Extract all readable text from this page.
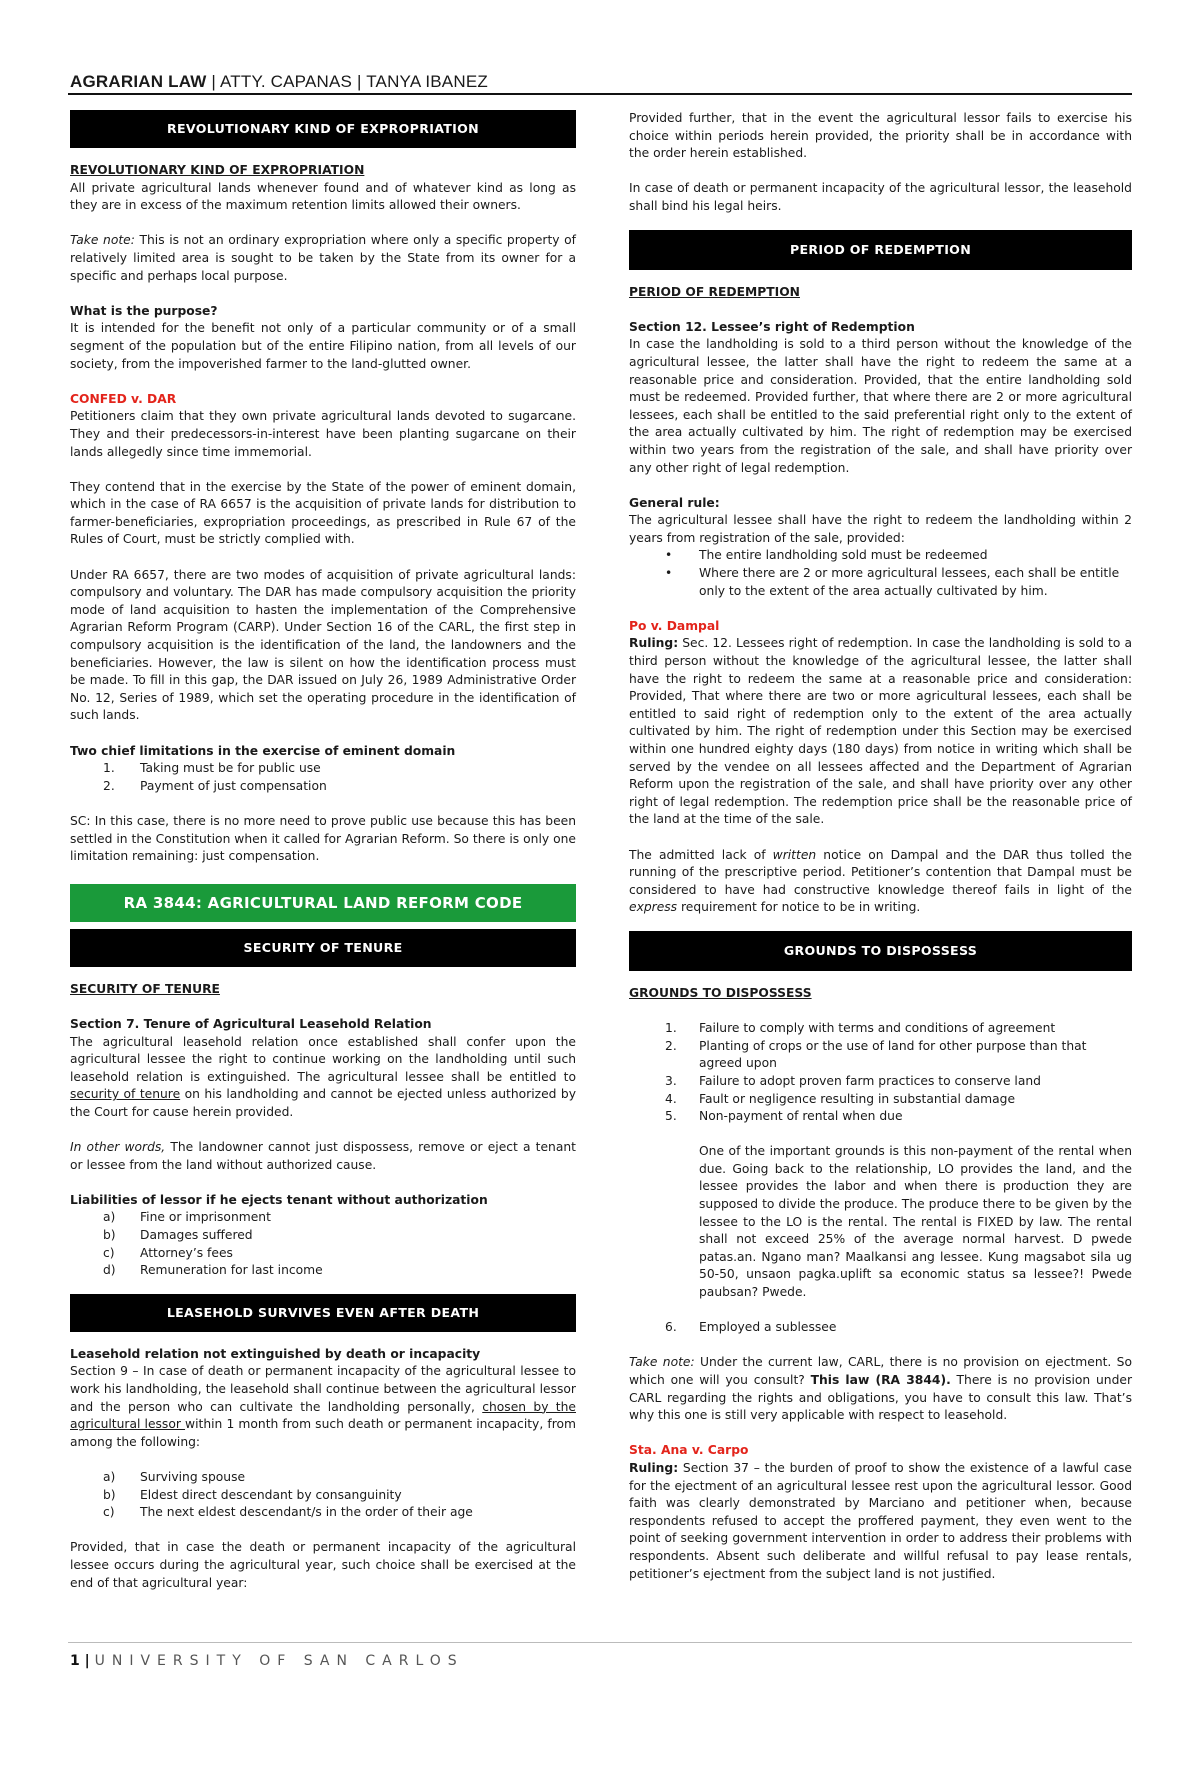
AGRARIAN LAW | ATTY. CAPANAS | TANYA IBANEZ
REVOLUTIONARY KIND OF EXPROPRIATION

REVOLUTIONARY KIND OF EXPROPRIATION

All private agricultural lands whenever found and of whatever kind as long as they are in excess of the maximum retention limits allowed their owners.

Take note: This is not an ordinary expropriation where only a specific property of relatively limited area is sought to be taken by the State from its owner for a specific and perhaps local purpose.

What is the purpose?

It is intended for the benefit not only of a particular community or of a small segment of the population but of the entire Filipino nation, from all levels of our society, from the impoverished farmer to the land-glutted owner.

CONFED v. DAR

Petitioners claim that they own private agricultural lands devoted to sugarcane. They and their predecessors-in-interest have been planting sugarcane on their lands allegedly since time immemorial.

They contend that in the exercise by the State of the power of eminent domain, which in the case of RA 6657 is the acquisition of private lands for distribution to farmer-beneficiaries, expropriation proceedings, as prescribed in Rule 67 of the Rules of Court, must be strictly complied with.

Under RA 6657, there are two modes of acquisition of private agricultural lands: compulsory and voluntary. The DAR has made compulsory acquisition the priority mode of land acquisition to hasten the implementation of the Comprehensive Agrarian Reform Program (CARP). Under Section 16 of the CARL, the first step in compulsory acquisition is the identification of the land, the landowners and the beneficiaries. However, the law is silent on how the identification process must be made. To fill in this gap, the DAR issued on July 26, 1989 Administrative Order No. 12, Series of 1989, which set the operating procedure in the identification of such lands.

Two chief limitations in the exercise of eminent domain

1. Taking must be for public use
2. Payment of just compensation

SC: In this case, there is no more need to prove public use because this has been settled in the Constitution when it called for Agrarian Reform. So there is only one limitation remaining: just compensation.

RA 3844: AGRICULTURAL LAND REFORM CODE
SECURITY OF TENURE

SECURITY OF TENURE

Section 7. Tenure of Agricultural Leasehold Relation

The agricultural leasehold relation once established shall confer upon the agricultural lessee the right to continue working on the landholding until such leasehold relation is extinguished. The agricultural lessee shall be entitled to security of tenure on his landholding and cannot be ejected unless authorized by the Court for cause herein provided.

In other words, The landowner cannot just dispossess, remove or eject a tenant or lessee from the land without authorized cause.

Liabilities of lessor if he ejects tenant without authorization

a) Fine or imprisonment
b) Damages suffered
c) Attorney’s fees
d) Remuneration for last income
LEASEHOLD SURVIVES EVEN AFTER DEATH

Leasehold relation not extinguished by death or incapacity

Section 9 – In case of death or permanent incapacity of the agricultural lessee to work his landholding, the leasehold shall continue between the agricultural lessor and the person who can cultivate the landholding personally, chosen by the agricultural lessor within 1 month from such death or permanent incapacity, from among the following:

a) Surviving spouse
b) Eldest direct descendant by consanguinity
c) The next eldest descendant/s in the order of their age

Provided, that in case the death or permanent incapacity of the agricultural lessee occurs during the agricultural year, such choice shall be exercised at the end of that agricultural year:

Provided further, that in the event the agricultural lessor fails to exercise his choice within periods herein provided, the priority shall be in accordance with the order herein established.

In case of death or permanent incapacity of the agricultural lessor, the leasehold shall bind his legal heirs.

PERIOD OF REDEMPTION

PERIOD OF REDEMPTION

Section 12. Lessee’s right of Redemption

In case the landholding is sold to a third person without the knowledge of the agricultural lessee, the latter shall have the right to redeem the same at a reasonable price and consideration. Provided, that the entire landholding sold must be redeemed. Provided further, that where there are 2 or more agricultural lessees, each shall be entitled to the said preferential right only to the extent of the area actually cultivated by him. The right of redemption may be exercised within two years from the registration of the sale, and shall have priority over any other right of legal redemption.

General rule:

The agricultural lessee shall have the right to redeem the landholding within 2 years from registration of the sale, provided:

• The entire landholding sold must be redeemed
• Where there are 2 or more agricultural lessees, each shall be entitle only to the extent of the area actually cultivated by him.

Po v. Dampal

Ruling: Sec. 12. Lessees right of redemption. In case the landholding is sold to a third person without the knowledge of the agricultural lessee, the latter shall have the right to redeem the same at a reasonable price and consideration: Provided, That where there are two or more agricultural lessees, each shall be entitled to said right of redemption only to the extent of the area actually cultivated by him. The right of redemption under this Section may be exercised within one hundred eighty days (180 days) from notice in writing which shall be served by the vendee on all lessees affected and the Department of Agrarian Reform upon the registration of the sale, and shall have priority over any other right of legal redemption. The redemption price shall be the reasonable price of the land at the time of the sale.

The admitted lack of written notice on Dampal and the DAR thus tolled the running of the prescriptive period. Petitioner’s contention that Dampal must be considered to have had constructive knowledge thereof fails in light of the express requirement for notice to be in writing.

GROUNDS TO DISPOSSESS

GROUNDS TO DISPOSSESS

1. Failure to comply with terms and conditions of agreement
2. Planting of crops or the use of land for other purpose than that agreed upon
3. Failure to adopt proven farm practices to conserve land
4. Fault or negligence resulting in substantial damage
5. Non-payment of rental when due

One of the important grounds is this non-payment of the rental when due. Going back to the relationship, LO provides the land, and the lessee provides the labor and when there is production they are supposed to divide the produce. The produce there to be given by the lessee to the LO is the rental. The rental is FIXED by law. The rental shall not exceed 25% of the average normal harvest. D pwede patas.an. Ngano man? Maalkansi ang lessee. Kung magsabot sila ug 50-50, unsaon pagka.uplift sa economic status sa lessee?! Pwede paubsan? Pwede.

6. Employed a sublessee

Take note: Under the current law, CARL, there is no provision on ejectment. So which one will you consult? This law (RA 3844). There is no provision under CARL regarding the rights and obligations, you have to consult this law. That’s why this one is still very applicable with respect to leasehold.

Sta. Ana v. Carpo

Ruling: Section 37 – the burden of proof to show the existence of a lawful case for the ejectment of an agricultural lessee rest upon the agricultural lessor. Good faith was clearly demonstrated by Marciano and petitioner when, because respondents refused to accept the proffered payment, they even went to the point of seeking government intervention in order to address their problems with respondents. Absent such deliberate and willful refusal to pay lease rentals, petitioner’s ejectment from the subject land is not justified.

1 | UNIVERSITY OF SAN CARLOS
